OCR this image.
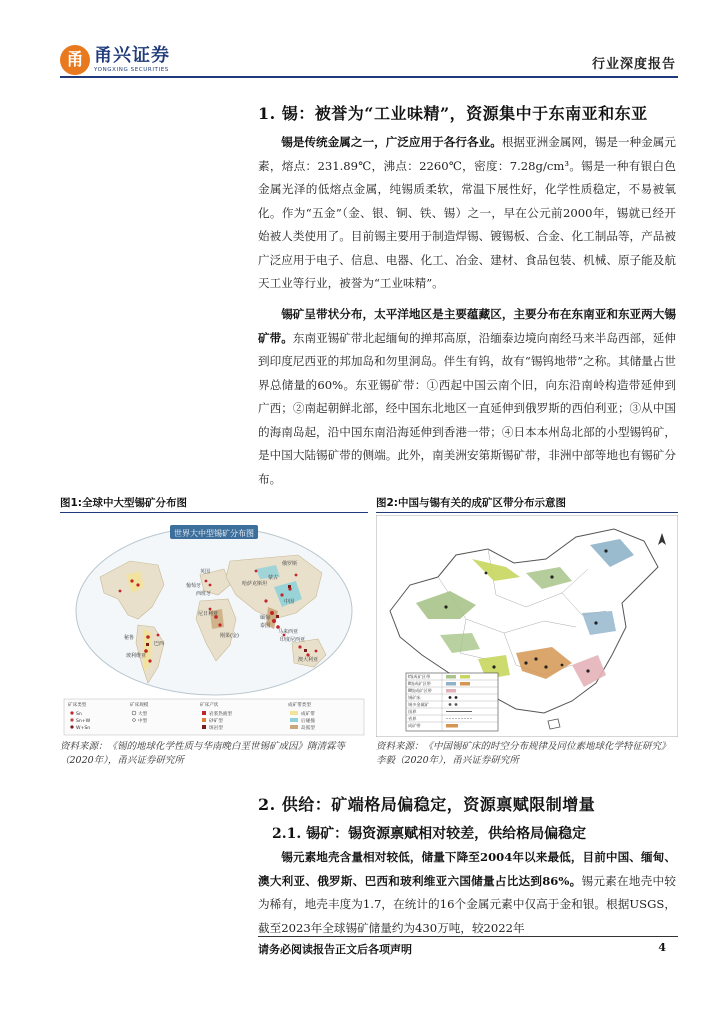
甬 甬兴证券
YONGXING SECURITIES	行业深度报告
1. 锡：被誉为“工业味精”，资源集中于东南亚和东亚

锡是传统金属之一，广泛应用于各行各业。根据亚洲金属网，锡是一种金属元素，熔点：231.89℃，沸点：2260℃，密度：7.28g/cm³。锡是一种有银白色金属光泽的低熔点金属，纯锡质柔软，常温下展性好，化学性质稳定，不易被氧化。作为“五金”（金、银、铜、铁、锡）之一，早在公元前2000年，锡就已经开始被人类使用了。目前锡主要用于制造焊锡、镀锡板、合金、化工制品等，产品被广泛应用于电子、信息、电器、化工、冶金、建材、食品包装、机械、原子能及航天工业等行业，被誉为“工业味精”。

锡矿呈带状分布，太平洋地区是主要蕴藏区，主要分布在东南亚和东亚两大锡矿带。东南亚锡矿带北起缅甸的掸邦高原，沿缅泰边境向南经马来半岛西部，延伸到印度尼西亚的邦加岛和勿里洞岛。伴生有钨，故有“锡钨地带”之称。其储量占世界总储量的60%。东亚锡矿带：①西起中国云南个旧，向东沿南岭构造带延伸到广西；②南起朝鲜北部，经中国东北地区一直延伸到俄罗斯的西伯利亚；③从中国的海南岛起，沿中国东南沿海延伸到香港一带；④日本本州岛北部的小型锡钨矿，是中国大陆锡矿带的侧端。此外，南美洲安第斯锡矿带，非洲中部等地也有锡矿分布。

图1:全球中大型锡矿分布图
世界大中型锡矿分布图
俄罗斯
蒙古
中国
缅甸
泰国
马来西亚
印度尼西亚
澳大利亚
玻利维亚
巴西
刚果(金)
尼日利亚
葡萄牙
西班牙
英国
哈萨克斯坦
秘鲁
矿床类型	矿床规模	矿床产状	成矿带类型
Sn
Sn+W
W+Sn
大型
中型
岩浆热液型
砂矿型
斑岩型
成矿带
后碰撞
岛弧型
资料来源：《锡的地球化学性质与华南晚白垩世锡矿成因》隋清霖等（2020年），甬兴证券研究所
图2:中国与锡有关的成矿区带分布示意图
Ⅰ级成矿区带
Ⅱ级成矿区带
Ⅲ级成矿区带
锡矿床
锡多金属矿
国界
省界
成矿带
资料来源：《中国锡矿床的时空分布规律及同位素地球化学特征研究》李毅（2020年），甬兴证券研究所
2. 供给：矿端格局偏稳定，资源禀赋限制增量
2.1. 锡矿：锡资源禀赋相对较差，供给格局偏稳定

锡元素地壳含量相对较低，储量下降至2004年以来最低，目前中国、缅甸、澳大利亚、俄罗斯、巴西和玻利维亚六国储量占比达到86%。锡元素在地壳中较为稀有，地壳丰度为1.7，在统计的16个金属元素中仅高于金和银。根据USGS，截至2023年全球锡矿储量约为430万吨，较2022年

请务必阅读报告正文后各项声明	4
